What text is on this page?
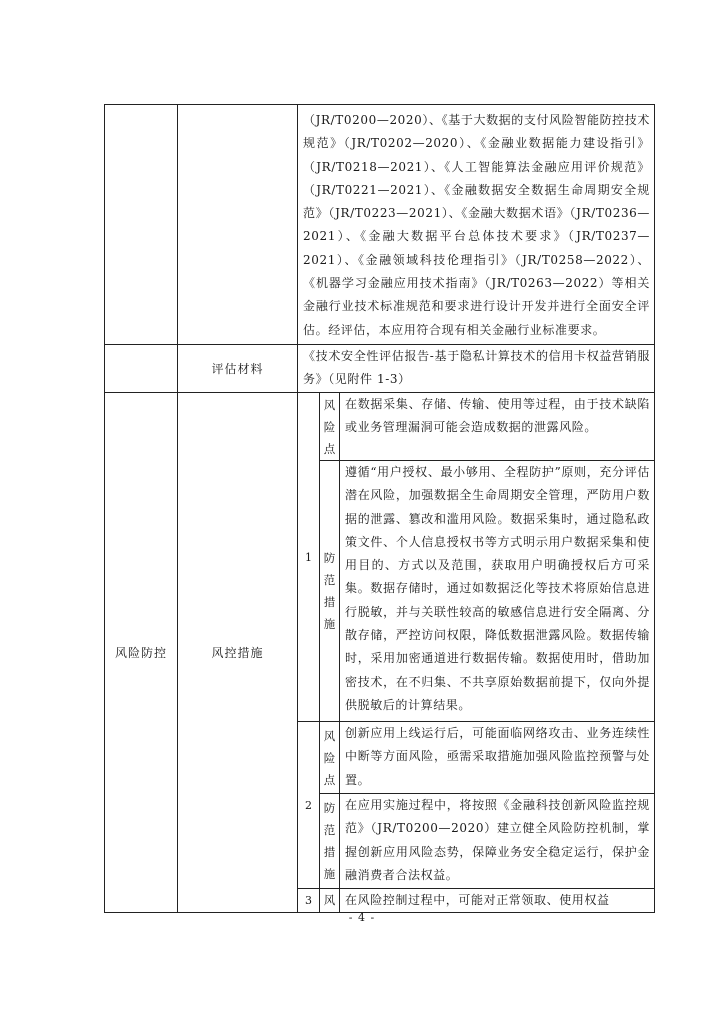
		（JR/T0200—2020）、《基于大数据的支付风险智能防控技术规范》（JR/T0202—2020）、《金融业数据能力建设指引》（JR/T0218—2021）、《人工智能算法金融应用评价规范》（JR/T0221—2021）、《金融数据安全数据生命周期安全规范》（JR/T0223—2021）、《金融大数据术语》（JR/T0236—2021）、《金融大数据平台总体技术要求》（JR/T0237—2021）、《金融领域科技伦理指引》（JR/T0258—2022）、《机器学习金融应用技术指南》（JR/T0263—2022）等相关金融行业技术标准规范和要求进行设计开发并进行全面安全评估。经评估，本应用符合现有相关金融行业标准要求。		

	评估材料	《技术安全性评估报告-基于隐私计算技术的信用卡权益营销服务》（见附件 1-3）		

风险防控	风控措施	1	风险点	在数据采集、存储、传输、使用等过程，由于技术缺陷或业务管理漏洞可能会造成数据的泄露风险。

			防范措施	遵循“用户授权、最小够用、全程防护”原则，充分评估潜在风险，加强数据全生命周期安全管理，严防用户数据的泄露、篡改和滥用风险。数据采集时，通过隐私政策文件、个人信息授权书等方式明示用户数据采集和使用目的、方式以及范围，获取用户明确授权后方可采集。数据存储时，通过如数据泛化等技术将原始信息进行脱敏，并与关联性较高的敏感信息进行安全隔离、分散存储，严控访问权限，降低数据泄露风险。数据传输时，采用加密通道进行数据传输。数据使用时，借助加密技术，在不归集、不共享原始数据前提下，仅向外提供脱敏后的计算结果。

		2	风险点	创新应用上线运行后，可能面临网络攻击、业务连续性中断等方面风险，亟需采取措施加强风险监控预警与处置。

			防范措施	在应用实施过程中，将按照《金融科技创新风险监控规范》（JR/T0200—2020）建立健全风险防控机制，掌握创新应用风险态势，保障业务安全稳定运行，保护金融消费者合法权益。

		3	风	在风险控制过程中，可能对正常领取、使用权益
- 4 -
